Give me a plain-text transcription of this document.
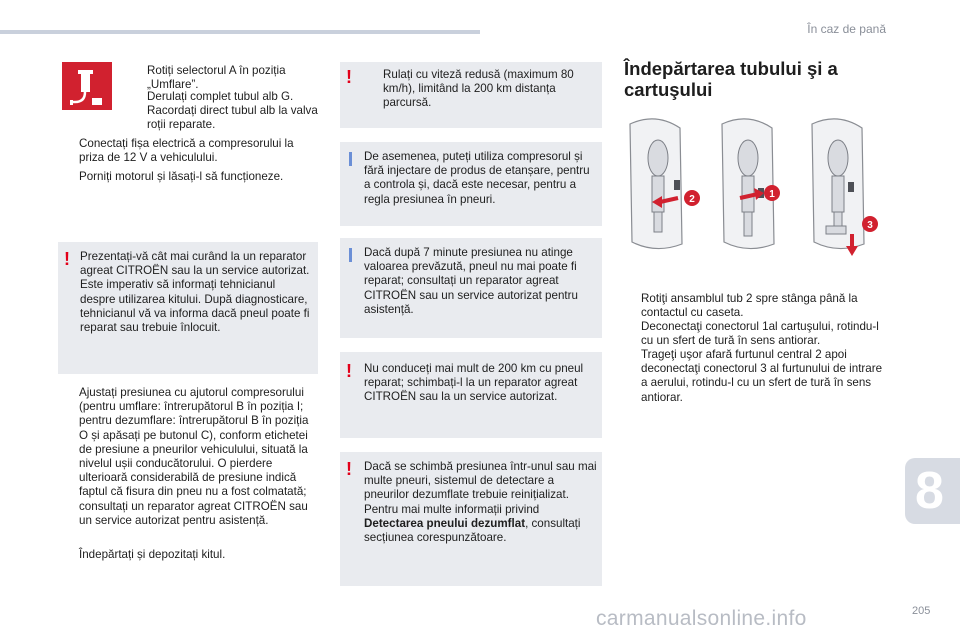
În caz de pană
Rotiți selectorul A în poziția „Umflare”.
Derulați complet tubul alb G.
Racordați direct tubul alb la valva roții reparate.
Conectați fișa electrică a compresorului la priza de 12 V a vehiculului.
Porniți motorul și lăsați-l să funcționeze.
! Prezentați-vă cât mai curând la un reparator agreat CITROËN sau la un service autorizat. Este imperativ să informați tehnicianul despre utilizarea kitului. După diagnosticare, tehnicianul vă va informa dacă pneul poate fi reparat sau trebuie înlocuit.
Ajustați presiunea cu ajutorul compresorului (pentru umflare: întrerupătorul B în poziția I; pentru dezumflare: întrerupătorul B în poziția O și apăsați pe butonul C), conform etichetei de presiune a pneurilor vehiculului, situată la nivelul ușii conducătorului. O pierdere ulterioară considerabilă de presiune indică faptul că fisura din pneu nu a fost colmatată; consultați un reparator agreat CITROËN sau un service autorizat pentru asistență.
Îndepărtați și depozitați kitul.
!	Rulați cu viteză redusă (maximum 80 km/h), limitând la 200 km distanța parcursă.
De asemenea, puteți utiliza compresorul și fără injectare de produs de etanșare, pentru a controla și, dacă este necesar, pentru a regla presiunea în pneuri.
Dacă după 7 minute presiunea nu atinge valoarea prevăzută, pneul nu mai poate fi reparat; consultați un reparator agreat CITROËN sau un service autorizat pentru asistență.
! Nu conduceți mai mult de 200 km cu pneul reparat; schimbați-l la un reparator agreat CITROËN sau la un service autorizat.
! Dacă se schimbă presiunea într-unul sau mai multe pneuri, sistemul de detectare a pneurilor dezumflate trebuie reinițializat. Pentru mai multe informații privind Detectarea pneului dezumflat, consultați secțiunea corespunzătoare.
Îndepărtarea tubului şi a cartuşului
1
2
3
Rotiţi ansamblul tub 2 spre stânga până la contactul cu caseta.
Deconectaţi conectorul 1al cartuşului, rotindu-l cu un sfert de tură în sens antiorar.
Trageţi uşor afară furtunul central 2 apoi deconectaţi conectorul 3 al furtunului de intrare a aerului, rotindu-l cu un sfert de tură în sens antiorar.
8
205
carmanualsonline.info
